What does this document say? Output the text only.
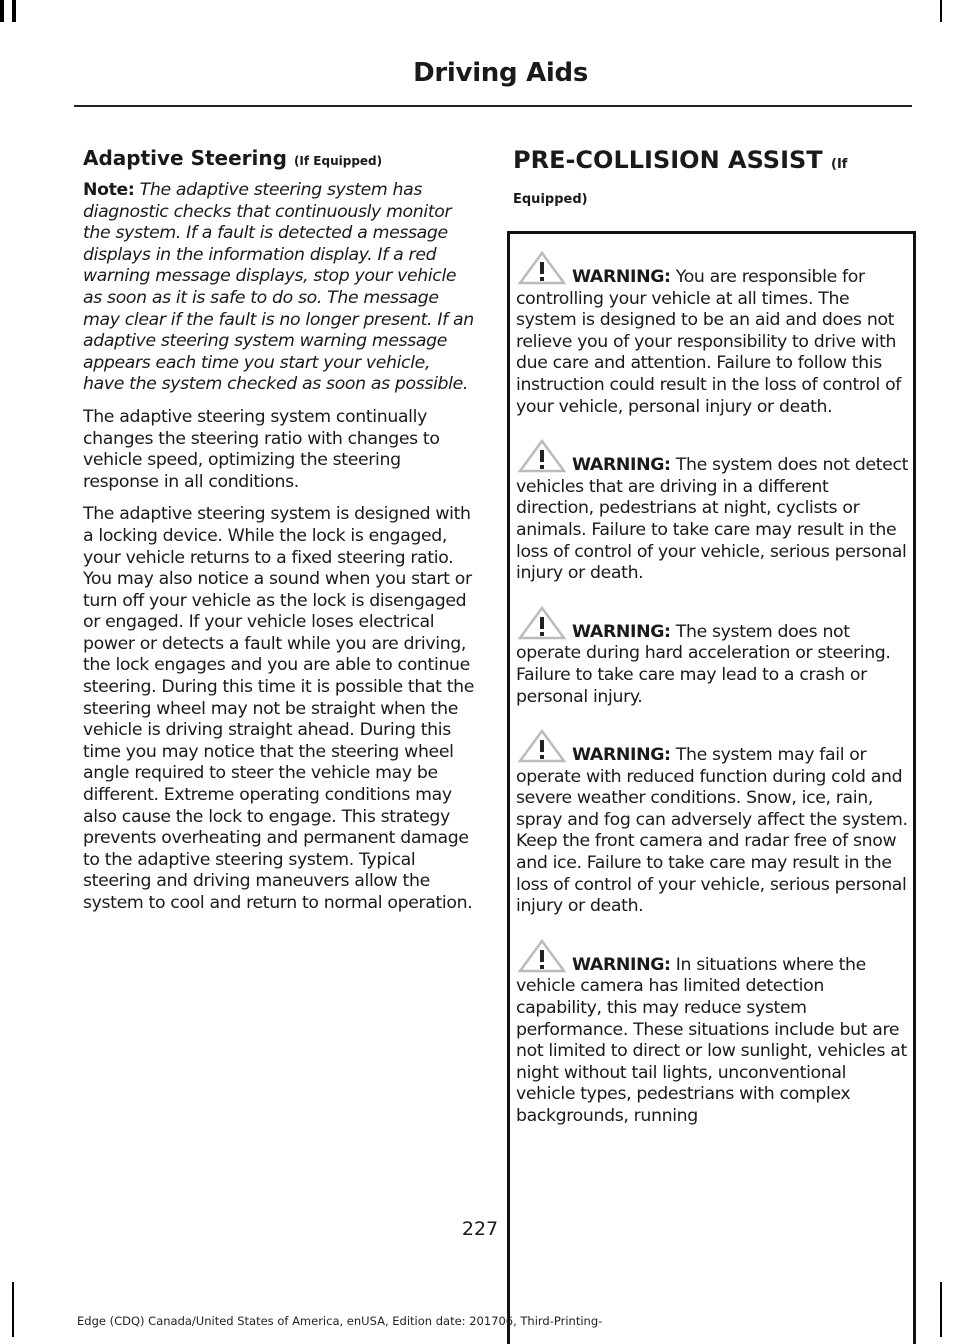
Driving Aids
Adaptive Steering (If Equipped)

Note: The adaptive steering system has diagnostic checks that continuously monitor the system. If a fault is detected a message displays in the information display. If a red warning message displays, stop your vehicle as soon as it is safe to do so. The message may clear if the fault is no longer present. If an adaptive steering system warning message appears each time you start your vehicle, have the system checked as soon as possible.

The adaptive steering system continually changes the steering ratio with changes to vehicle speed, optimizing the steering response in all conditions.

The adaptive steering system is designed with a locking device. While the lock is engaged, your vehicle returns to a fixed steering ratio. You may also notice a sound when you start or turn off your vehicle as the lock is disengaged or engaged. If your vehicle loses electrical power or detects a fault while you are driving, the lock engages and you are able to continue steering. During this time it is possible that the steering wheel may not be straight when the vehicle is driving straight ahead. During this time you may notice that the steering wheel angle required to steer the vehicle may be different. Extreme operating conditions may also cause the lock to engage. This strategy prevents overheating and permanent damage to the adaptive steering system. Typical steering and driving maneuvers allow the system to cool and return to normal operation.

PRE-COLLISION ASSIST (If
Equipped)
WARNING: You are responsible for controlling your vehicle at all times. The system is designed to be an aid and does not relieve you of your responsibility to drive with due care and attention. Failure to follow this instruction could result in the loss of control of your vehicle, personal injury or death.
WARNING: The system does not detect vehicles that are driving in a different direction, pedestrians at night, cyclists or animals. Failure to take care may result in the loss of control of your vehicle, serious personal injury or death.
WARNING: The system does not operate during hard acceleration or steering. Failure to take care may lead to a crash or personal injury.
WARNING: The system may fail or operate with reduced function during cold and severe weather conditions. Snow, ice, rain, spray and fog can adversely affect the system. Keep the front camera and radar free of snow and ice. Failure to take care may result in the loss of control of your vehicle, serious personal injury or death.
WARNING: In situations where the vehicle camera has limited detection capability, this may reduce system performance. These situations include but are not limited to direct or low sunlight, vehicles at night without tail lights, unconventional vehicle types, pedestrians with complex backgrounds, running
227
Edge (CDQ) Canada/United States of America, enUSA, Edition date: 201706, Third-Printing-
